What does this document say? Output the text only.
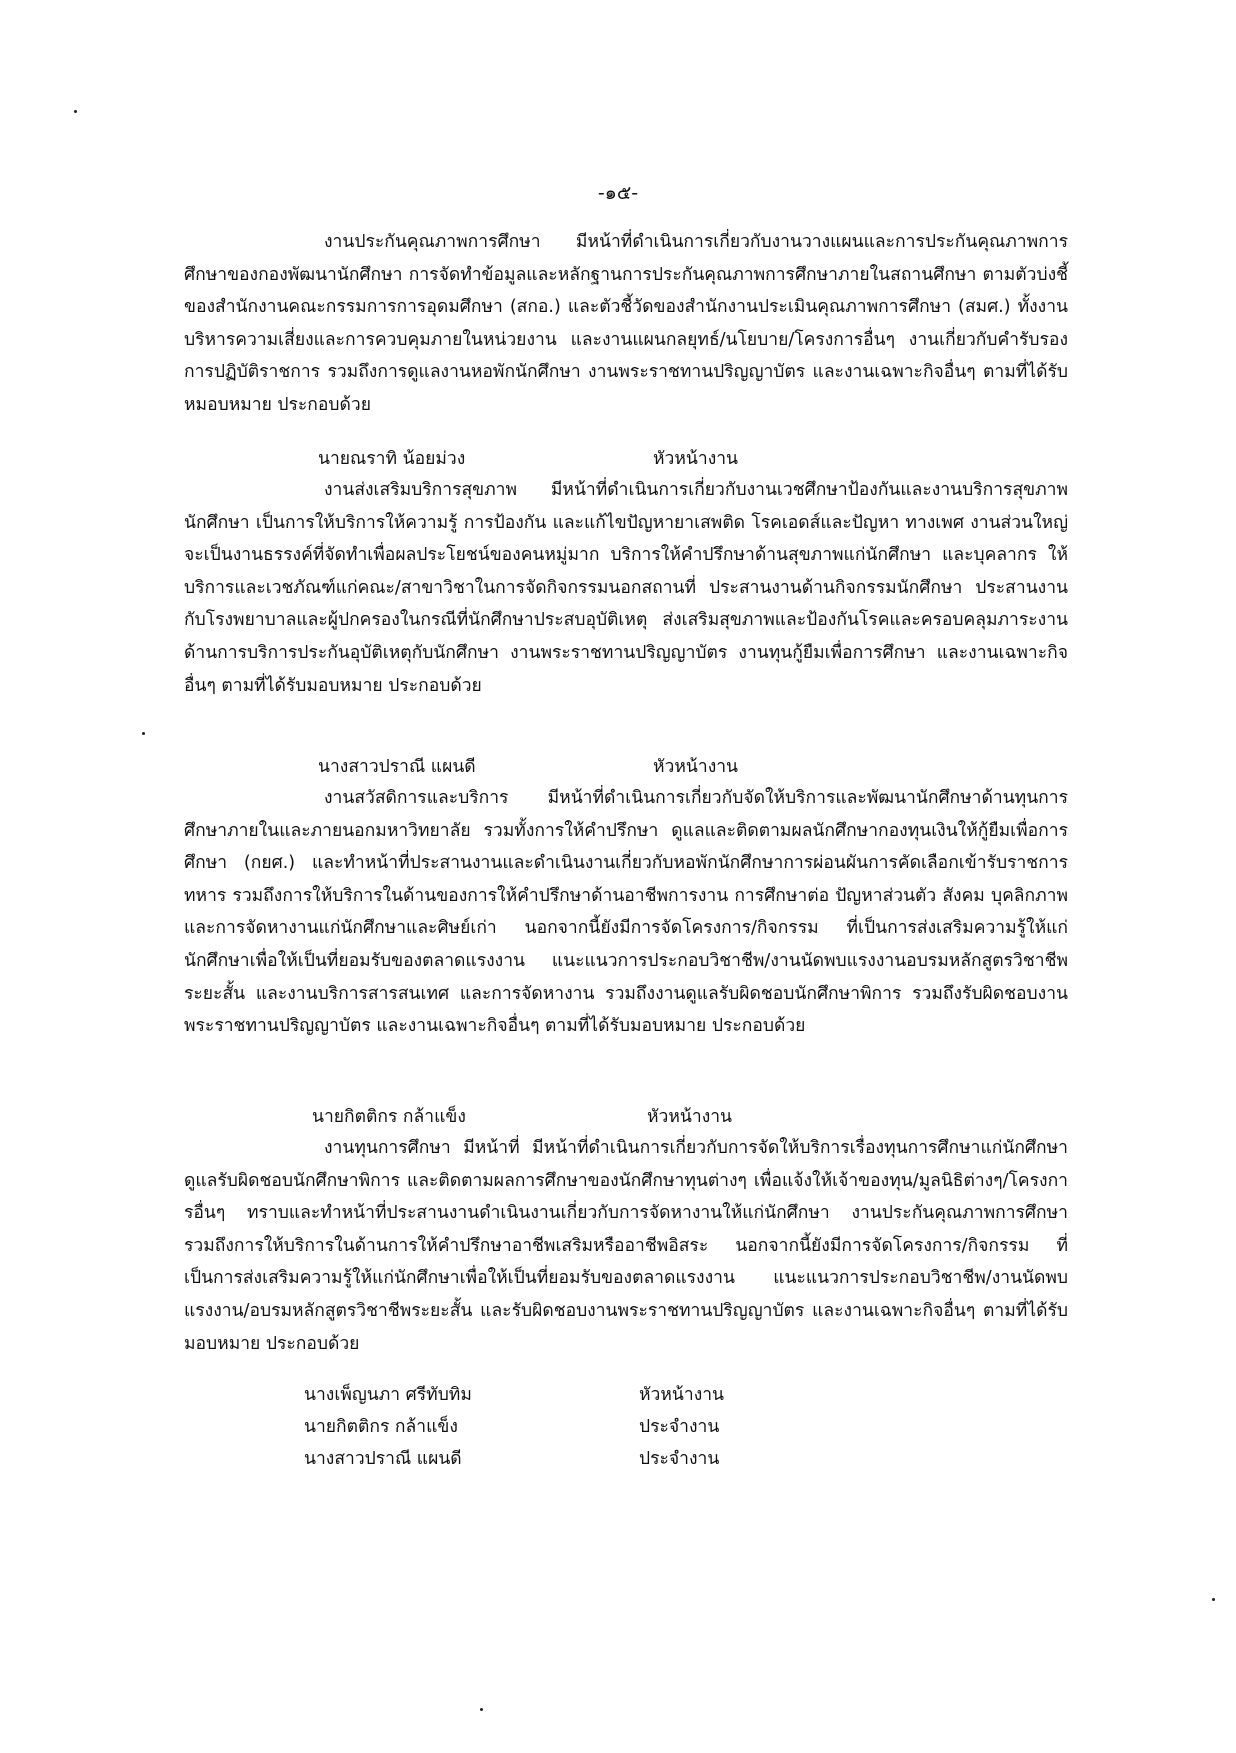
-๑๕-

งานประกันคุณภาพการศึกษา มีหน้าที่ดำเนินการเกี่ยวกับงานวางแผนและการประกันคุณภาพการศึกษาของกองพัฒนานักศึกษา การจัดทำข้อมูลและหลักฐานการประกันคุณภาพการศึกษาภายในสถานศึกษา ตามตัวบ่งชี้ของสำนักงานคณะกรรมการการอุดมศึกษา (สกอ.) และตัวชี้วัดของสำนักงานประเมินคุณภาพการศึกษา (สมศ.) ทั้งงานบริหารความเสี่ยงและการควบคุมภายในหน่วยงาน และงานแผนกลยุทธ์/นโยบาย/โครงการอื่นๆ งานเกี่ยวกับคำรับรองการปฏิบัติราชการ รวมถึงการดูแลงานหอพักนักศึกษา งานพระราชทานปริญญาบัตร และงานเฉพาะกิจอื่นๆ ตามที่ได้รับหมอบหมาย ประกอบด้วย

นายณราทิ น้อยม่วง	หัวหน้างาน

งานส่งเสริมบริการสุขภาพ มีหน้าที่ดำเนินการเกี่ยวกับงานเวชศึกษาป้องกันและงานบริการสุขภาพนักศึกษา เป็นการให้บริการให้ความรู้ การป้องกัน และแก้ไขปัญหายาเสพติด โรคเอดส์และปัญหา ทางเพศ งานส่วนใหญ่จะเป็นงานธรรงค์ที่จัดทำเพื่อผลประโยชน์ของคนหมู่มาก บริการให้คำปรึกษาด้านสุขภาพแก่นักศึกษา และบุคลากร ให้บริการและเวชภัณฑ์แก่คณะ/สาขาวิชาในการจัดกิจกรรมนอกสถานที่ ประสานงานด้านกิจกรรมนักศึกษา ประสานงานกับโรงพยาบาลและผู้ปกครองในกรณีที่นักศึกษาประสบอุบัติเหตุ ส่งเสริมสุขภาพและป้องกันโรคและครอบคลุมภาระงานด้านการบริการประกันอุบัติเหตุกับนักศึกษา งานพระราชทานปริญญาบัตร งานทุนกู้ยืมเพื่อการศึกษา และงานเฉพาะกิจอื่นๆ ตามที่ได้รับมอบหมาย ประกอบด้วย

นางสาวปราณี แผนดี	หัวหน้างาน

งานสวัสดิการและบริการ มีหน้าที่ดำเนินการเกี่ยวกับจัดให้บริการและพัฒนานักศึกษาด้านทุนการศึกษาภายในและภายนอกมหาวิทยาลัย รวมทั้งการให้คำปรึกษา ดูแลและติดตามผลนักศึกษากองทุนเงินให้กู้ยืมเพื่อการศึกษา (กยศ.) และทำหน้าที่ประสานงานและดำเนินงานเกี่ยวกับหอพักนักศึกษาการผ่อนผันการคัดเลือกเข้ารับราชการทหาร รวมถึงการให้บริการในด้านของการให้คำปรึกษาด้านอาชีพการงาน การศึกษาต่อ ปัญหาส่วนตัว สังคม บุคลิกภาพ และการจัดหางานแก่นักศึกษาและศิษย์เก่า นอกจากนี้ยังมีการจัดโครงการ/กิจกรรม ที่เป็นการส่งเสริมความรู้ให้แก่นักศึกษาเพื่อให้เป็นที่ยอมรับของตลาดแรงงาน แนะแนวการประกอบวิชาชีพ/งานนัดพบแรงงานอบรมหลักสูตรวิชาชีพระยะสั้น และงานบริการสารสนเทศ และการจัดหางาน รวมถึงงานดูแลรับผิดชอบนักศึกษาพิการ รวมถึงรับผิดชอบงานพระราชทานปริญญาบัตร และงานเฉพาะกิจอื่นๆ ตามที่ได้รับมอบหมาย ประกอบด้วย

นายกิตติกร กล้าแข็ง	หัวหน้างาน

งานทุนการศึกษา มีหน้าที่ มีหน้าที่ดำเนินการเกี่ยวกับการจัดให้บริการเรื่องทุนการศึกษาแก่นักศึกษา ดูแลรับผิดชอบนักศึกษาพิการ และติดตามผลการศึกษาของนักศึกษาทุนต่างๆ เพื่อแจ้งให้เจ้าของทุน/มูลนิธิต่างๆ/โครงการอื่นๆ ทราบและทำหน้าที่ประสานงานดำเนินงานเกี่ยวกับการจัดหางานให้แก่นักศึกษา งานประกันคุณภาพการศึกษา รวมถึงการให้บริการในด้านการให้คำปรึกษาอาชีพเสริมหรืออาชีพอิสระ นอกจากนี้ยังมีการจัดโครงการ/กิจกรรม ที่เป็นการส่งเสริมความรู้ให้แก่นักศึกษาเพื่อให้เป็นที่ยอมรับของตลาดแรงงาน แนะแนวการประกอบวิชาชีพ/งานนัดพบแรงงาน/อบรมหลักสูตรวิชาชีพระยะสั้น และรับผิดชอบงานพระราชทานปริญญาบัตร และงานเฉพาะกิจอื่นๆ ตามที่ได้รับมอบหมาย ประกอบด้วย

นางเพ็ญนภา ศรีทับทิม	หัวหน้างาน
นายกิตติกร กล้าแข็ง	ประจำงาน
นางสาวปราณี แผนดี	ประจำงาน
